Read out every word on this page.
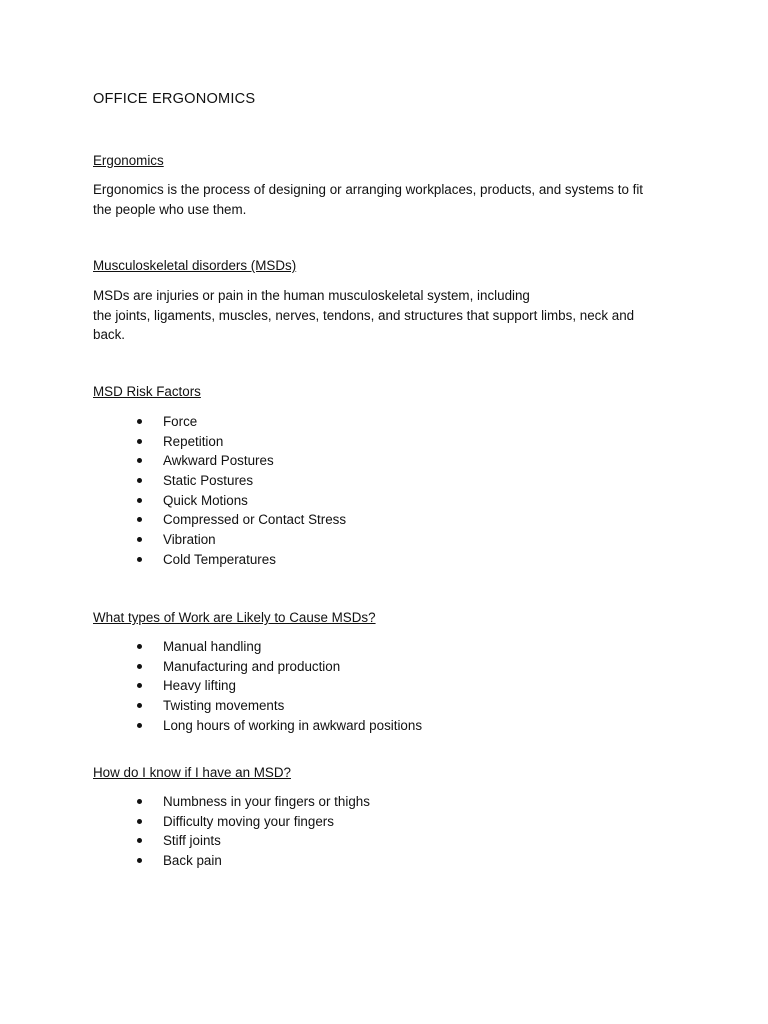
OFFICE ERGONOMICS
Ergonomics
Ergonomics is the process of designing or arranging workplaces, products, and systems to fit
the people who use them.
Musculoskeletal disorders (MSDs)
MSDs are injuries or pain in the human musculoskeletal system, including
the joints, ligaments, muscles, nerves, tendons, and structures that support limbs, neck and
back.
MSD Risk Factors
Force
Repetition
Awkward Postures
Static Postures
Quick Motions
Compressed or Contact Stress
Vibration
Cold Temperatures
What types of Work are Likely to Cause MSDs?
Manual handling
Manufacturing and production
Heavy lifting
Twisting movements
Long hours of working in awkward positions
How do I know if I have an MSD?
Numbness in your fingers or thighs
Difficulty moving your fingers
Stiff joints
Back pain
